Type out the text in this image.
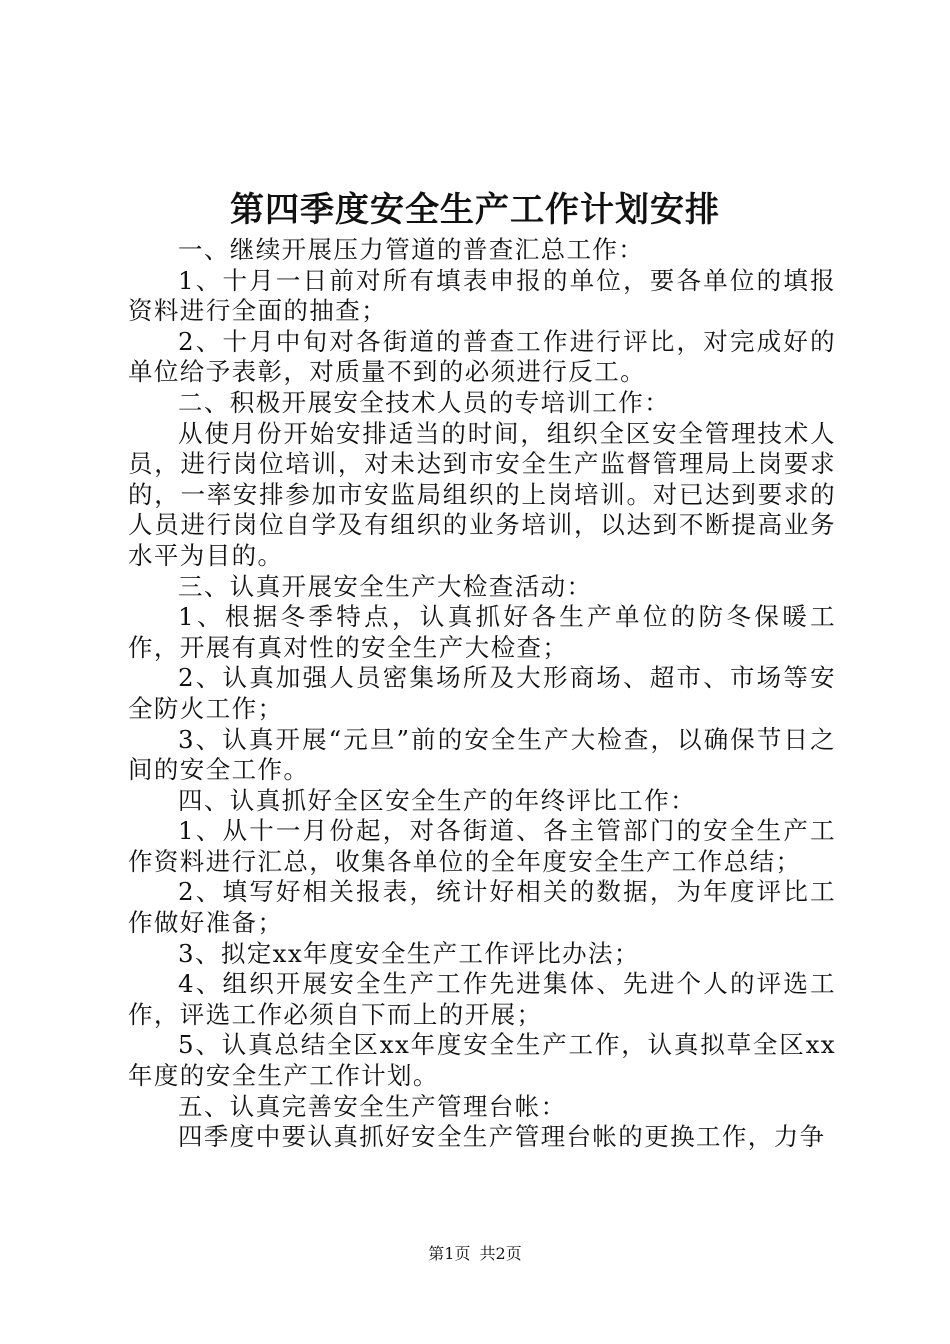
第四季度安全生产工作计划安排

一、继续开展压力管道的普查汇总工作：

1、十月一日前对所有填表申报的单位，要各单位的填报资料进行全面的抽查；

2、十月中旬对各街道的普查工作进行评比，对完成好的单位给予表彰，对质量不到的必须进行反工。

二、积极开展安全技术人员的专培训工作：

从使月份开始安排适当的时间，组织全区安全管理技术人员，进行岗位培训，对未达到市安全生产监督管理局上岗要求的，一率安排参加市安监局组织的上岗培训。对已达到要求的人员进行岗位自学及有组织的业务培训，以达到不断提高业务水平为目的。

三、认真开展安全生产大检查活动：

1、根据冬季特点，认真抓好各生产单位的防冬保暖工作，开展有真对性的安全生产大检查；

2、认真加强人员密集场所及大形商场、超市、市场等安全防火工作；

3、认真开展“元旦”前的安全生产大检查，以确保节日之间的安全工作。

四、认真抓好全区安全生产的年终评比工作：

1、从十一月份起，对各街道、各主管部门的安全生产工作资料进行汇总，收集各单位的全年度安全生产工作总结；

2、填写好相关报表，统计好相关的数据，为年度评比工作做好准备；

3、拟定xx年度安全生产工作评比办法；

4、组织开展安全生产工作先进集体、先进个人的评选工作，评选工作必须自下而上的开展；

5、认真总结全区xx年度安全生产工作，认真拟草全区xx年度的安全生产工作计划。

五、认真完善安全生产管理台帐：

四季度中要认真抓好安全生产管理台帐的更换工作，力争

第1页 共2页
